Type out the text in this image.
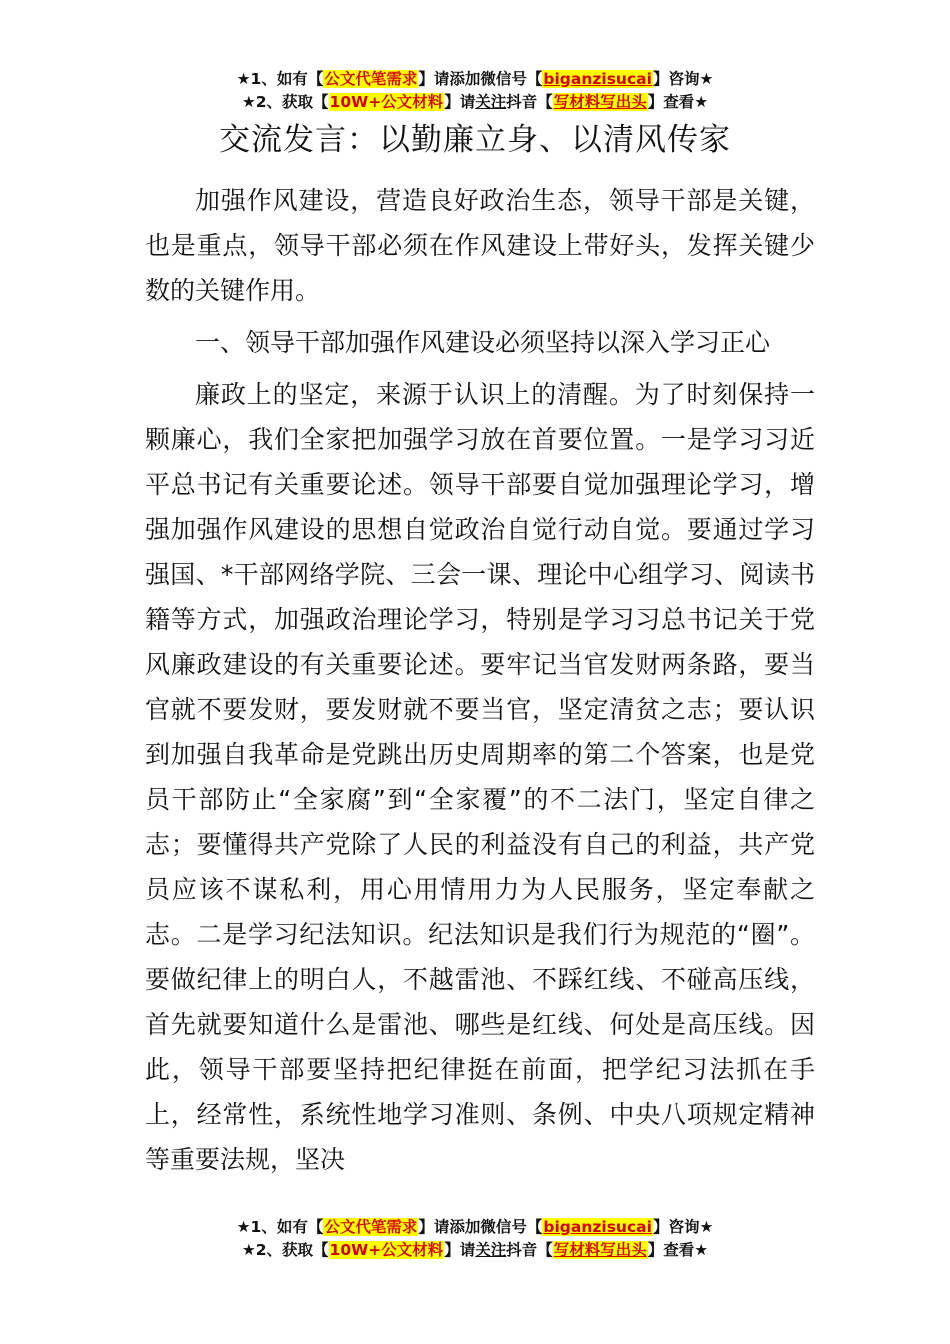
★1、如有【公文代笔需求】请添加微信号【biganzisucai】咨询★
★2、获取【10W+公文材料】请关注抖音【写材料写出头】查看★
交流发言：以勤廉立身、以清风传家

加强作风建设，营造良好政治生态，领导干部是关键，也是重点，领导干部必须在作风建设上带好头，发挥关键少数的关键作用。

一、领导干部加强作风建设必须坚持以深入学习正心

廉政上的坚定，来源于认识上的清醒。为了时刻保持一颗廉心，我们全家把加强学习放在首要位置。一是学习习近平总书记有关重要论述。领导干部要自觉加强理论学习，增强加强作风建设的思想自觉政治自觉行动自觉。要通过学习强国、*干部网络学院、三会一课、理论中心组学习、阅读书籍等方式，加强政治理论学习，特别是学习习总书记关于党风廉政建设的有关重要论述。要牢记当官发财两条路，要当官就不要发财，要发财就不要当官，坚定清贫之志；要认识到加强自我革命是党跳出历史周期率的第二个答案，也是党员干部防止“全家腐”到“全家覆”的不二法门，坚定自律之志；要懂得共产党除了人民的利益没有自己的利益，共产党员应该不谋私利，用心用情用力为人民服务，坚定奉献之志。二是学习纪法知识。纪法知识是我们行为规范的“圈”。要做纪律上的明白人，不越雷池、不踩红线、不碰高压线，首先就要知道什么是雷池、哪些是红线、何处是高压线。因此，领导干部要坚持把纪律挺在前面，把学纪习法抓在手上，经常性，系统性地学习准则、条例、中央八项规定精神等重要法规，坚决

★1、如有【公文代笔需求】请添加微信号【biganzisucai】咨询★
★2、获取【10W+公文材料】请关注抖音【写材料写出头】查看★
